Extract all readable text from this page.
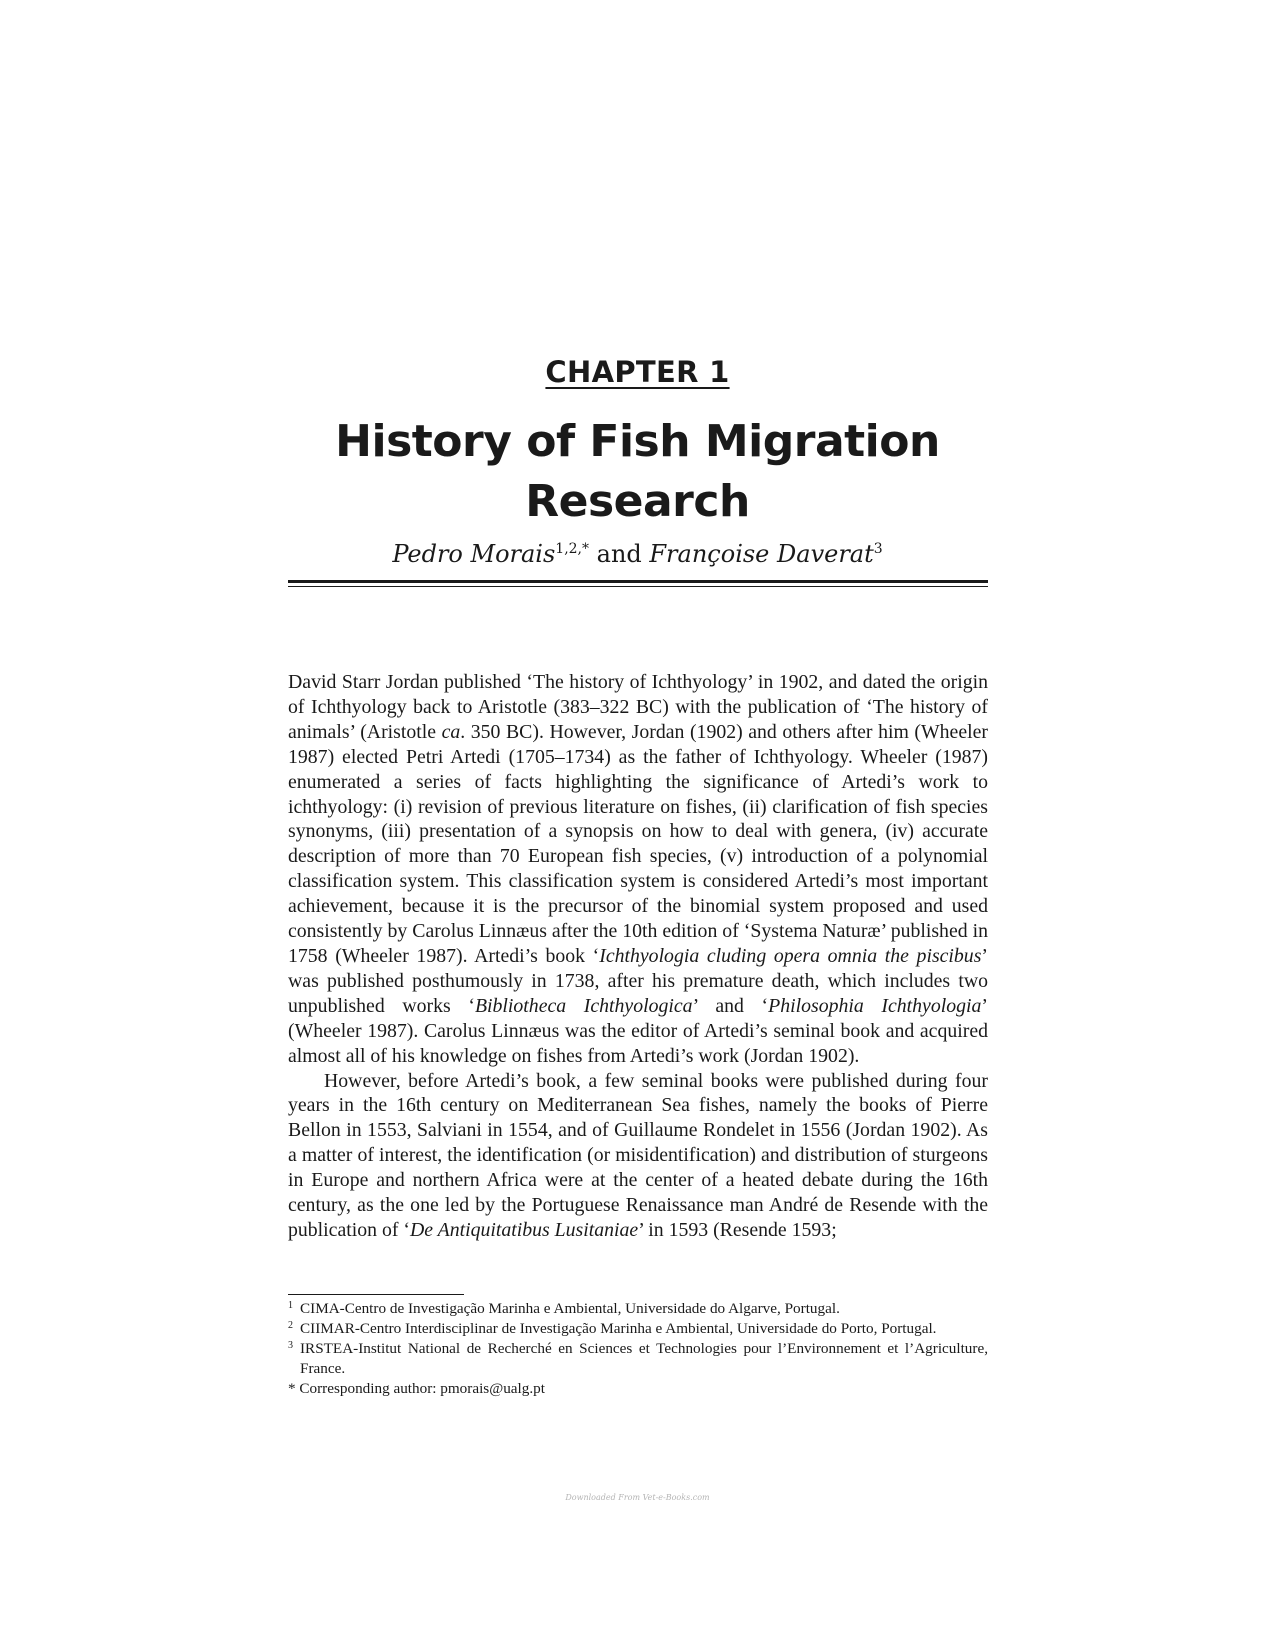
CHAPTER 1
History of Fish Migration
Research
Pedro Morais$^{1,2,*}$ and Françoise Daverat$^3$

David Starr Jordan published ‘The history of Ichthyology’ in 1902, and dated the origin of Ichthyology back to Aristotle (383–322 BC) with the publication of ‘The history of animals’ (Aristotle ca. 350 BC). However, Jordan (1902) and others after him (Wheeler 1987) elected Petri Artedi (1705–1734) as the father of Ichthyology. Wheeler (1987) enumerated a series of facts highlighting the significance of Artedi’s work to ichthyology: (i) revision of previous literature on fishes, (ii) clarification of fish species synonyms, (iii) presentation of a synopsis on how to deal with genera, (iv) accurate description of more than 70 European fish species, (v) introduction of a polynomial classification system. This classification system is considered Artedi’s most important achievement, because it is the precursor of the binomial system proposed and used consistently by Carolus Linnæus after the 10th edition of ‘Systema Naturæ’ published in 1758 (Wheeler 1987). Artedi’s book ‘Ichthyologia cluding opera omnia the piscibus’ was published posthumously in 1738, after his premature death, which includes two unpublished works ‘Bibliotheca Ichthyologica’ and ‘Philosophia Ichthyologia’ (Wheeler 1987). Carolus Linnæus was the editor of Artedi’s seminal book and acquired almost all of his knowledge on fishes from Artedi’s work (Jordan 1902).

However, before Artedi’s book, a few seminal books were published during four years in the 16th century on Mediterranean Sea fishes, namely the books of Pierre Bellon in 1553, Salviani in 1554, and of Guillaume Rondelet in 1556 (Jordan 1902). As a matter of interest, the identification (or misidentification) and distribution of sturgeons in Europe and northern Africa were at the center of a heated debate during the 16th century, as the one led by the Portuguese Renaissance man André de Resende with the publication of ‘De Antiquitatibus Lusitaniae’ in 1593 (Resende 1593;

1 CIMA-Centro de Investigação Marinha e Ambiental, Universidade do Algarve, Portugal.
2 CIIMAR-Centro Interdisciplinar de Investigação Marinha e Ambiental, Universidade do Porto, Portugal.
3 IRSTEA-Institut National de Recherché en Sciences et Technologies pour l’Environnement et l’Agriculture, France.
* Corresponding author: pmorais@ualg.pt
Downloaded From Vet-e-Books.com
